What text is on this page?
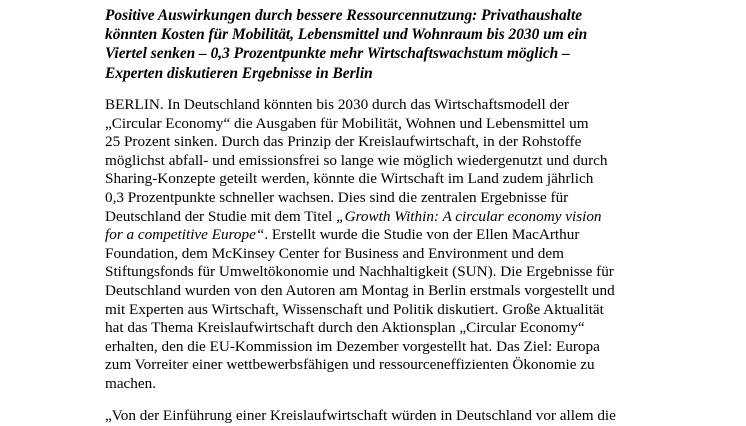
Positive Auswirkungen durch bessere Ressourcennutzung: Privathaushalte
könnten Kosten für Mobilität, Lebensmittel und Wohnraum bis 2030 um ein
Viertel senken – 0,3 Prozentpunkte mehr Wirtschaftswachstum möglich –
Experten diskutieren Ergebnisse in Berlin

BERLIN. In Deutschland könnten bis 2030 durch das Wirtschaftsmodell der
„Circular Economy“ die Ausgaben für Mobilität, Wohnen und Lebensmittel um
25 Prozent sinken. Durch das Prinzip der Kreislaufwirtschaft, in der Rohstoffe
möglichst abfall- und emissionsfrei so lange wie möglich wiedergenutzt und durch
Sharing-Konzepte geteilt werden, könnte die Wirtschaft im Land zudem jährlich
0,3 Prozentpunkte schneller wachsen. Dies sind die zentralen Ergebnisse für
Deutschland der Studie mit dem Titel „Growth Within: A circular economy vision
for a competitive Europe“. Erstellt wurde die Studie von der Ellen MacArthur
Foundation, dem McKinsey Center for Business and Environment und dem
Stiftungsfonds für Umweltökonomie und Nachhaltigkeit (SUN). Die Ergebnisse für
Deutschland wurden von den Autoren am Montag in Berlin erstmals vorgestellt und
mit Experten aus Wirtschaft, Wissenschaft und Politik diskutiert. Große Aktualität
hat das Thema Kreislaufwirtschaft durch den Aktionsplan „Circular Economy“
erhalten, den die EU-Kommission im Dezember vorgestellt hat. Das Ziel: Europa
zum Vorreiter einer wettbewerbsfähigen und ressourceneffizienten Ökonomie zu
machen.

„Von der Einführung einer Kreislaufwirtschaft würden in Deutschland vor allem die
